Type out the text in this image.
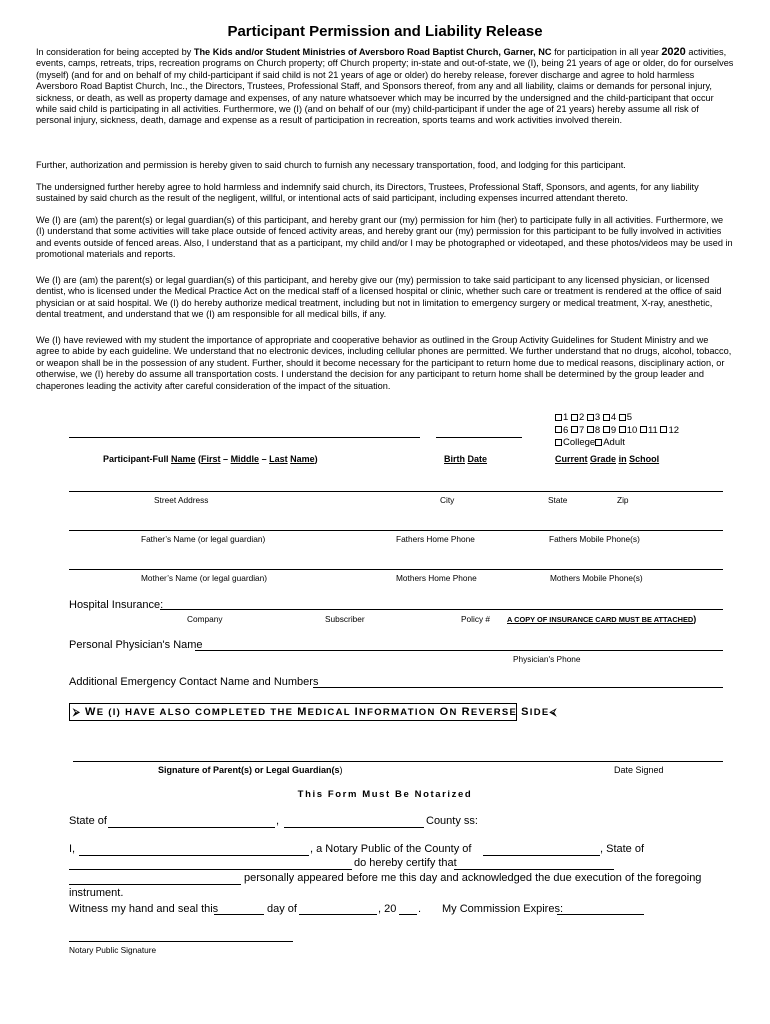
Participant Permission and Liability Release

In consideration for being accepted by The Kids and/or Student Ministries of Aversboro Road Baptist Church, Garner, NC for participation in all year 2020 activities, events, camps, retreats, trips, recreation programs on Church property; off Church property; in-state and out-of-state, we (I), being 21 years of age or older, do for ourselves (myself) (and for and on behalf of my child-participant if said child is not 21 years of age or older) do hereby release, forever discharge and agree to hold harmless Aversboro Road Baptist Church, Inc., the Directors, Trustees, Professional Staff, and Sponsors thereof, from any and all liability, claims or demands for personal injury, sickness, or death, as well as property damage and expenses, of any nature whatsoever which may be incurred by the undersigned and the child-participant that occur while said child is participating in all activities. Furthermore, we (I) (and on behalf of our (my) child-participant if under the age of 21 years) hereby assume all risk of personal injury, sickness, death, damage and expense as a result of participation in recreation, sports teams and work activities involved therein.

Further, authorization and permission is hereby given to said church to furnish any necessary transportation, food, and lodging for this participant.

The undersigned further hereby agree to hold harmless and indemnify said church, its Directors, Trustees, Professional Staff, Sponsors, and agents, for any liability sustained by said church as the result of the negligent, willful, or intentional acts of said participant, including expenses incurred attendant thereto.

We (I) are (am) the parent(s) or legal guardian(s) of this participant, and hereby grant our (my) permission for him (her) to participate fully in all activities. Furthermore, we (I) understand that some activities will take place outside of fenced activity areas, and hereby grant our (my) permission for this participant to be fully involved in activities and events outside of fenced areas. Also, I understand that as a participant, my child and/or I may be photographed or videotaped, and these photos/videos may be used in promotional materials and reports.

We (I) are (am) the parent(s) or legal guardian(s) of this participant, and hereby give our (my) permission to take said participant to any licensed physician, or licensed dentist, who is licensed under the Medical Practice Act on the medical staff of a licensed hospital or clinic, whether such care or treatment is rendered at the office of said physician or at said hospital. We (I) do hereby authorize medical treatment, including but not in limitation to emergency surgery or medical treatment, X-ray, anesthetic, dental treatment, and understand that we (I) am responsible for all medical bills, if any.

We (I) have reviewed with my student the importance of appropriate and cooperative behavior as outlined in the Group Activity Guidelines for Student Ministry and we agree to abide by each guideline. We understand that no electronic devices, including cellular phones are permitted. We further understand that no drugs, alcohol, tobacco, or weapon shall be in the possession of any student. Further, should it become necessary for the participant to return home due to medical reasons, disciplinary action, or otherwise, we (I) hereby do assume all transportation costs. I understand the decision for any participant to return home shall be determined by the group leader and chaperones leading the activity after careful consideration of the impact of the situation.

1 2 3 4 5
6 7 8 9 10 11 12
College Adult
Participant-Full Name (First – Middle – Last Name)	Birth Date	Current Grade in School
Street Address	City	State	Zip
Father’s Name (or legal guardian)	Fathers Home Phone	Fathers Mobile Phone(s)
Mother’s Name (or legal guardian)	Mothers Home Phone	Mothers Mobile Phone(s)
Hospital Insurance:
Company	Subscriber	Policy # A COPY OF INSURANCE CARD MUST BE ATTACHED)
Personal Physician's Name
Physician's Phone
Additional Emergency Contact Name and Numbers
⮚ WE (I) HAVE ALSO COMPLETED THE MEDICAL INFORMATION ON REVERSE SIDE⮘
Signature of Parent(s) or Legal Guardian(s)	Date Signed
This Form Must Be Notarized
State of	,	County ss:
I,	, a Notary Public of the County of	, State of
do hereby certify that
personally appeared before me this day and acknowledged the due execution of the foregoing
instrument.
Witness my hand and seal this	day of	, 20 . My Commission Expires:
Notary Public Signature
